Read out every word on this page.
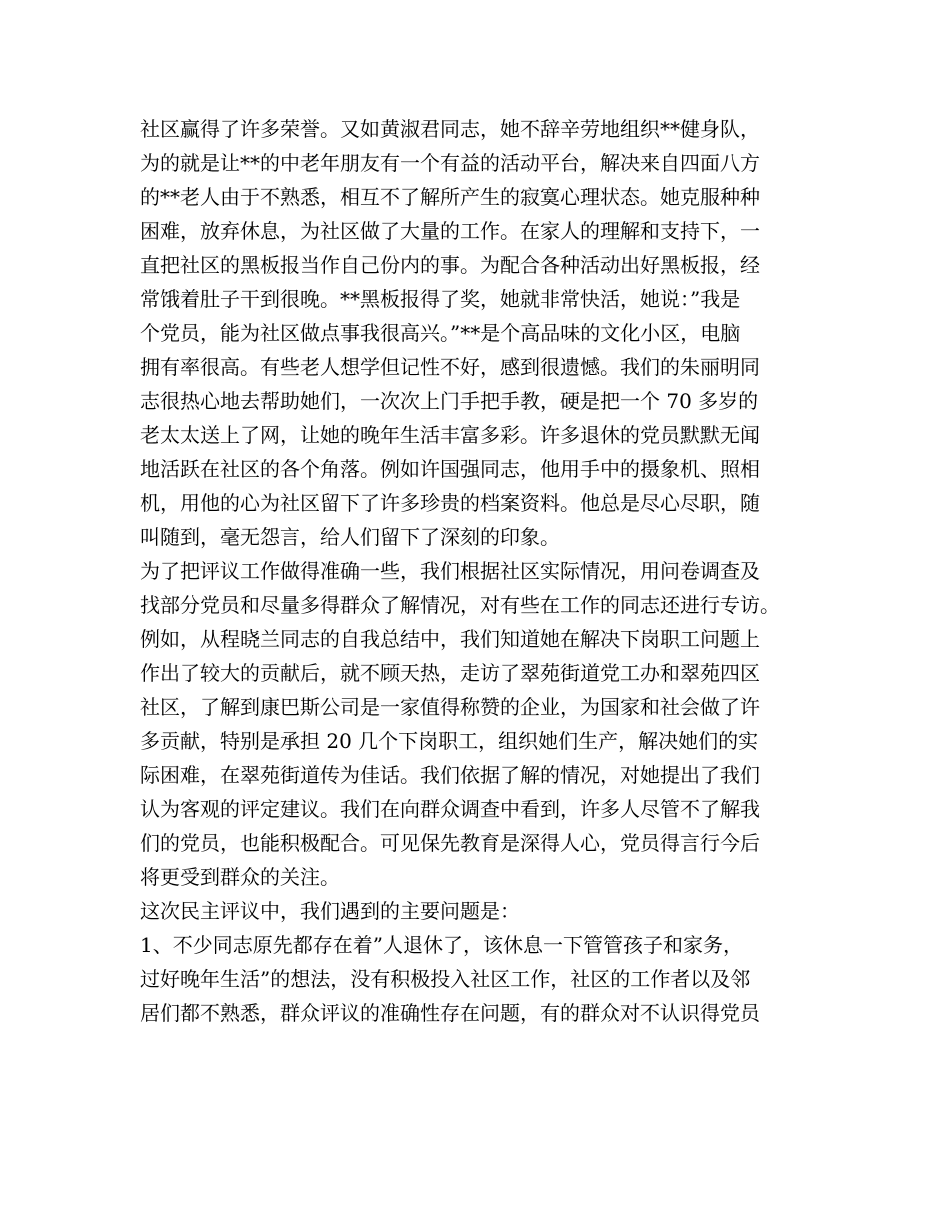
社区赢得了许多荣誉。又如黄淑君同志，她不辞辛劳地组织**健身队，
为的就是让**的中老年朋友有一个有益的活动平台，解决来自四面八方
的**老人由于不熟悉，相互不了解所产生的寂寞心理状态。她克服种种
困难，放弃休息，为社区做了大量的工作。在家人的理解和支持下，一
直把社区的黑板报当作自己份内的事。为配合各种活动出好黑板报，经
常饿着肚子干到很晚。**黑板报得了奖，她就非常快活，她说：”我是
个党员，能为社区做点事我很高兴。”**是个高品味的文化小区，电脑
拥有率很高。有些老人想学但记性不好，感到很遗憾。我们的朱丽明同
志很热心地去帮助她们，一次次上门手把手教，硬是把一个 70 多岁的
老太太送上了网，让她的晚年生活丰富多彩。许多退休的党员默默无闻
地活跃在社区的各个角落。例如许国强同志，他用手中的摄象机、照相
机，用他的心为社区留下了许多珍贵的档案资料。他总是尽心尽职，随
叫随到，毫无怨言，给人们留下了深刻的印象。
为了把评议工作做得准确一些，我们根据社区实际情况，用问卷调查及
找部分党员和尽量多得群众了解情况，对有些在工作的同志还进行专访。
例如，从程晓兰同志的自我总结中，我们知道她在解决下岗职工问题上
作出了较大的贡献后，就不顾天热，走访了翠苑街道党工办和翠苑四区
社区，了解到康巴斯公司是一家值得称赞的企业，为国家和社会做了许
多贡献，特别是承担 20 几个下岗职工，组织她们生产，解决她们的实
际困难，在翠苑街道传为佳话。我们依据了解的情况，对她提出了我们
认为客观的评定建议。我们在向群众调查中看到，许多人尽管不了解我
们的党员，也能积极配合。可见保先教育是深得人心，党员得言行今后
将更受到群众的关注。
这次民主评议中，我们遇到的主要问题是：
1、不少同志原先都存在着”人退休了，该休息一下管管孩子和家务，
过好晚年生活”的想法，没有积极投入社区工作，社区的工作者以及邻
居们都不熟悉，群众评议的准确性存在问题，有的群众对不认识得党员
